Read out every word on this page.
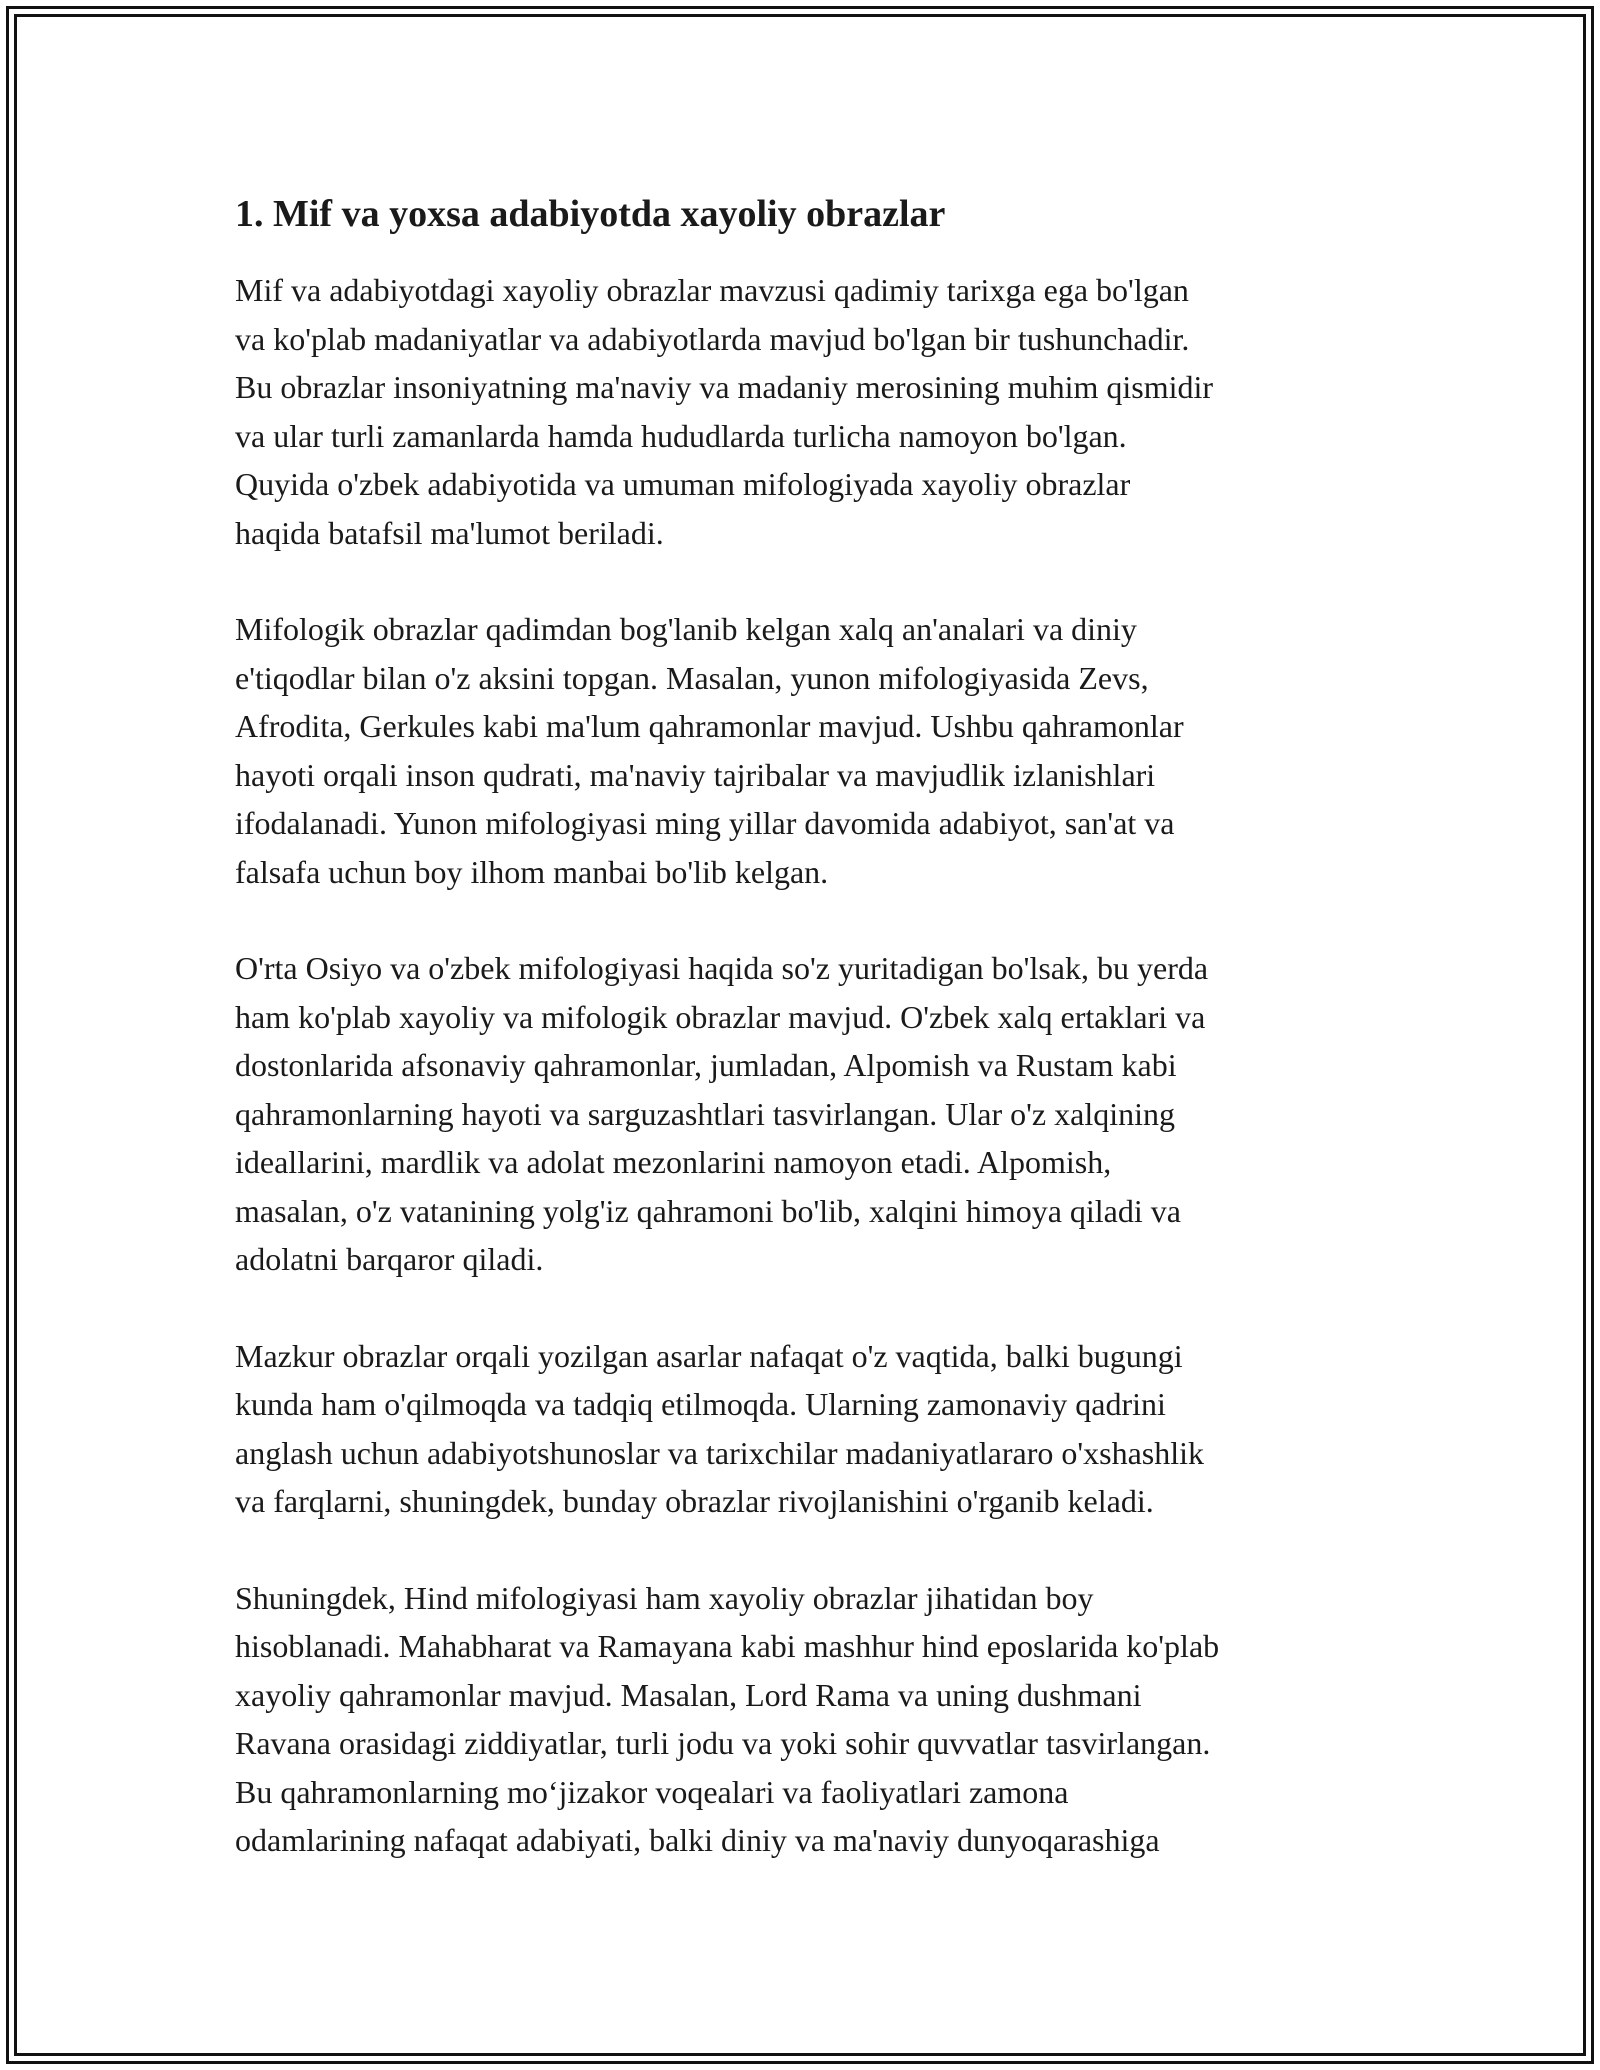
1. Mif va yoxsa adabiyotda xayoliy obrazlar
Mif va adabiyotdagi xayoliy obrazlar mavzusi qadimiy tarixga ega bo'lgan
va ko'plab madaniyatlar va adabiyotlarda mavjud bo'lgan bir tushunchadir.
Bu obrazlar insoniyatning ma'naviy va madaniy merosining muhim qismidir
va ular turli zamanlarda hamda hududlarda turlicha namoyon bo'lgan.
Quyida o'zbek adabiyotida va umuman mifologiyada xayoliy obrazlar
haqida batafsil ma'lumot beriladi.
Mifologik obrazlar qadimdan bog'lanib kelgan xalq an'analari va diniy
e'tiqodlar bilan o'z aksini topgan. Masalan, yunon mifologiyasida Zevs,
Afrodita, Gerkules kabi ma'lum qahramonlar mavjud. Ushbu qahramonlar
hayoti orqali inson qudrati, ma'naviy tajribalar va mavjudlik izlanishlari
ifodalanadi. Yunon mifologiyasi ming yillar davomida adabiyot, san'at va
falsafa uchun boy ilhom manbai bo'lib kelgan.
O'rta Osiyo va o'zbek mifologiyasi haqida so'z yuritadigan bo'lsak, bu yerda
ham ko'plab xayoliy va mifologik obrazlar mavjud. O'zbek xalq ertaklari va
dostonlarida afsonaviy qahramonlar, jumladan, Alpomish va Rustam kabi
qahramonlarning hayoti va sarguzashtlari tasvirlangan. Ular o'z xalqining
ideallarini, mardlik va adolat mezonlarini namoyon etadi. Alpomish,
masalan, o'z vatanining yolg'iz qahramoni bo'lib, xalqini himoya qiladi va
adolatni barqaror qiladi.
Mazkur obrazlar orqali yozilgan asarlar nafaqat o'z vaqtida, balki bugungi
kunda ham o'qilmoqda va tadqiq etilmoqda. Ularning zamonaviy qadrini
anglash uchun adabiyotshunoslar va tarixchilar madaniyatlararo o'xshashlik
va farqlarni, shuningdek, bunday obrazlar rivojlanishini o'rganib keladi.
Shuningdek, Hind mifologiyasi ham xayoliy obrazlar jihatidan boy
hisoblanadi. Mahabharat va Ramayana kabi mashhur hind eposlarida ko'plab
xayoliy qahramonlar mavjud. Masalan, Lord Rama va uning dushmani
Ravana orasidagi ziddiyatlar, turli jodu va yoki sohir quvvatlar tasvirlangan.
Bu qahramonlarning mo‘jizakor voqealari va faoliyatlari zamona
odamlarining nafaqat adabiyati, balki diniy va ma'naviy dunyoqarashiga
